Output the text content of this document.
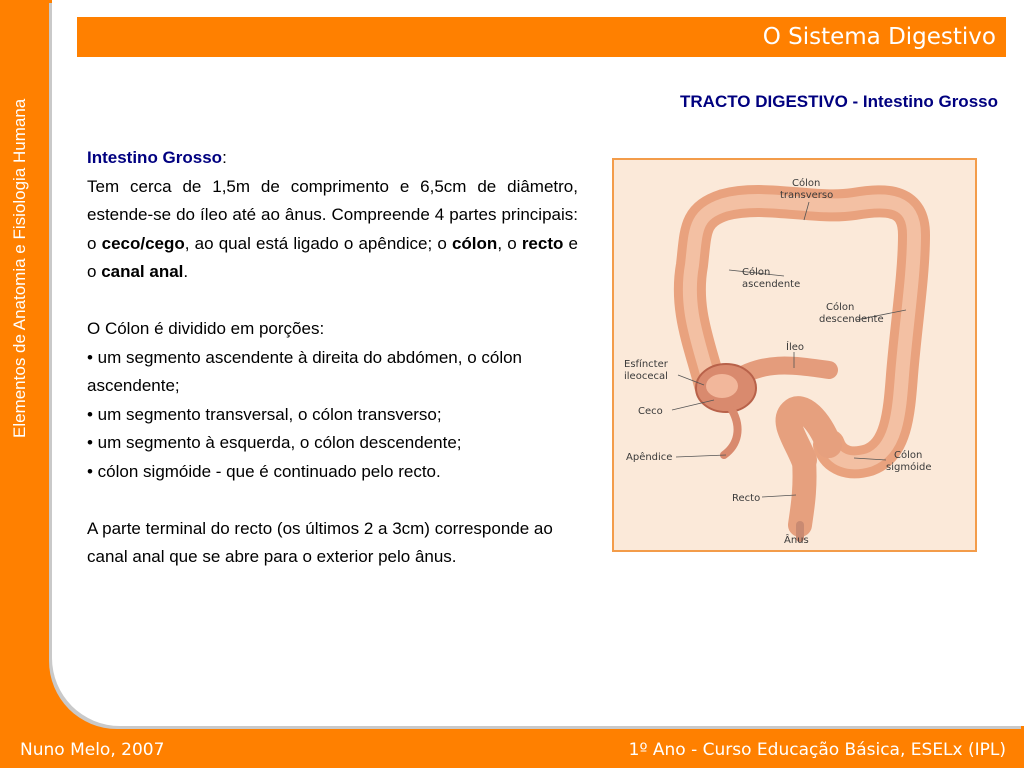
Elementos de Anatomia e Fisiologia Humana
O Sistema Digestivo
TRACTO DIGESTIVO - Intestino Grosso

Intestino Grosso:

Tem cerca de 1,5m de comprimento e 6,5cm de diâmetro, estende-se do íleo até ao ânus. Compreende 4 partes principais: o ceco/cego, ao qual está ligado o apêndice; o cólon, o recto e o canal anal.

O Cólon é dividido em porções:

• um segmento ascendente à direita do abdómen, o cólon ascendente;

• um segmento transversal, o cólon transverso;

• um segmento à esquerda, o cólon descendente;

• cólon sigmóide - que é continuado pelo recto.

A parte terminal do recto (os últimos 2 a 3cm) corresponde ao canal anal que se abre para o exterior pelo ânus.

Cólon
transverso
Cólon
ascendente
Cólon
descendente
Íleo
Esfíncter
ileocecal
Ceco
Apêndice	Cólon
sigmóide
Recto
Ânus
Nuno Melo, 2007	1º Ano - Curso Educação Básica, ESELx (IPL)
